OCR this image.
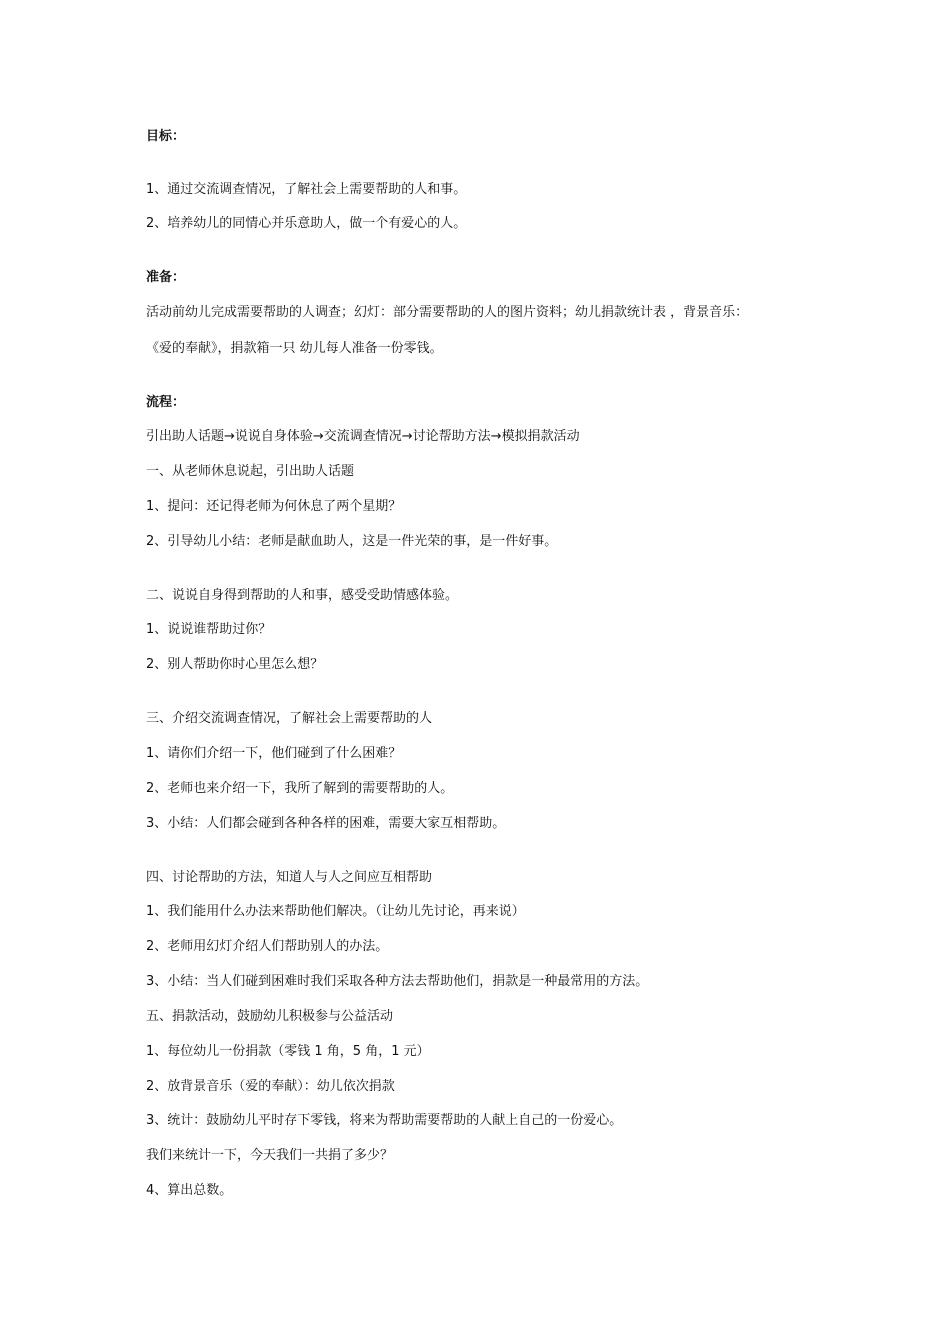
目标：
1、通过交流调查情况，了解社会上需要帮助的人和事。
2、培养幼儿的同情心并乐意助人，做一个有爱心的人。
准备：
活动前幼儿完成需要帮助的人调查；幻灯：部分需要帮助的人的图片资料；幼儿捐款统计表 ，背景音乐：
《爱的奉献》，捐款箱一只 幼儿每人准备一份零钱。
流程：
引出助人话题→说说自身体验→交流调查情况→讨论帮助方法→模拟捐款活动
一、从老师休息说起，引出助人话题
1、提问：还记得老师为何休息了两个星期？
2、引导幼儿小结：老师是献血助人，这是一件光荣的事，是一件好事。
二、说说自身得到帮助的人和事，感受受助情感体验。
1、说说谁帮助过你？
2、别人帮助你时心里怎么想？
三、介绍交流调查情况，了解社会上需要帮助的人
1、请你们介绍一下，他们碰到了什么困难？
2、老师也来介绍一下，我所了解到的需要帮助的人。
3、小结：人们都会碰到各种各样的困难，需要大家互相帮助。
四、讨论帮助的方法，知道人与人之间应互相帮助
1、我们能用什么办法来帮助他们解决。（让幼儿先讨论，再来说）
2、老师用幻灯介绍人们帮助别人的办法。
3、小结：当人们碰到困难时我们采取各种方法去帮助他们，捐款是一种最常用的方法。
五、捐款活动，鼓励幼儿积极参与公益活动
1、每位幼儿一份捐款（零钱 1 角，5 角，1 元）
2、放背景音乐（爱的奉献）：幼儿依次捐款
3、统计：鼓励幼儿平时存下零钱，将来为帮助需要帮助的人献上自己的一份爱心。
我们来统计一下，今天我们一共捐了多少？
4、算出总数。
